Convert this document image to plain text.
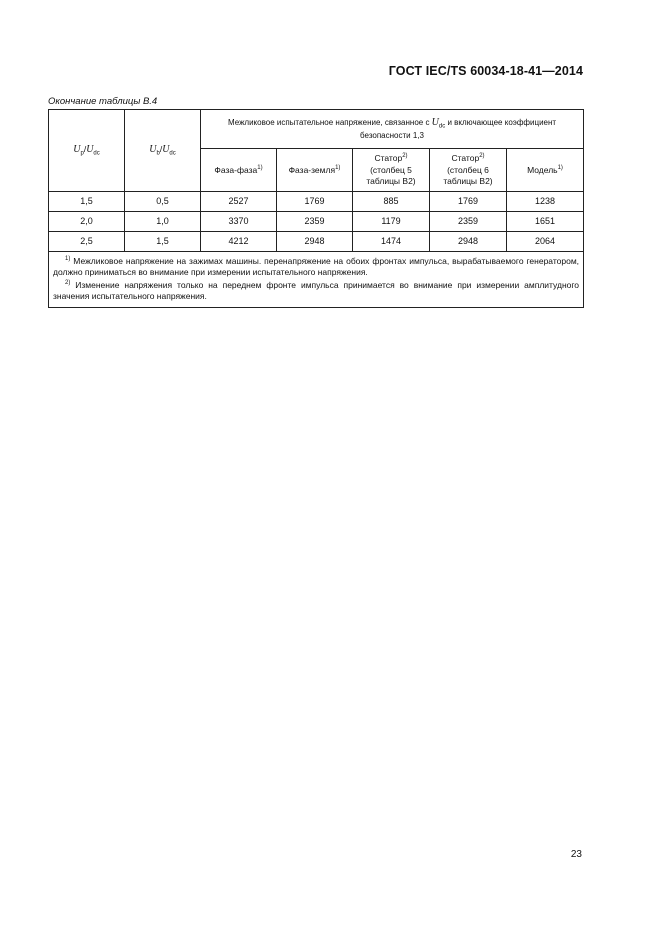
ГОСТ IEC/TS 60034-18-41—2014
Окончание таблицы B.4
$U_p/U_{dc}$	$U_b/U_{dc}$	Межликовое испытательное напряжение, связанное с $U_{dc}$ и включающее коэффициент
безопасности 1,3				
		Фаза-фаза$^{1)}$	Фаза-земля$^{1)}$	Статор$^{2)}$
(столбец 5
таблицы B2)	Статор$^{2)}$
(столбец 6
таблицы B2)	Модель$^{1)}$
1,5	0,5	2527	1769	885	1769	1238
2,0	1,0	3370	2359	1179	2359	1651
2,5	1,5	4212	2948	1474	2948	2064

$^{1)}$ Межликовое напряжение на зажимах машины. перенапряжение на обоих фронтах импульса, вырабатываемого генератором, должно приниматься во внимание при измерении испытательного напряжения.

$^{2)}$ Изменение напряжения только на переднем фронте импульса принимается во внимание при измерении амплитудного значения испытательного напряжения.						

23
